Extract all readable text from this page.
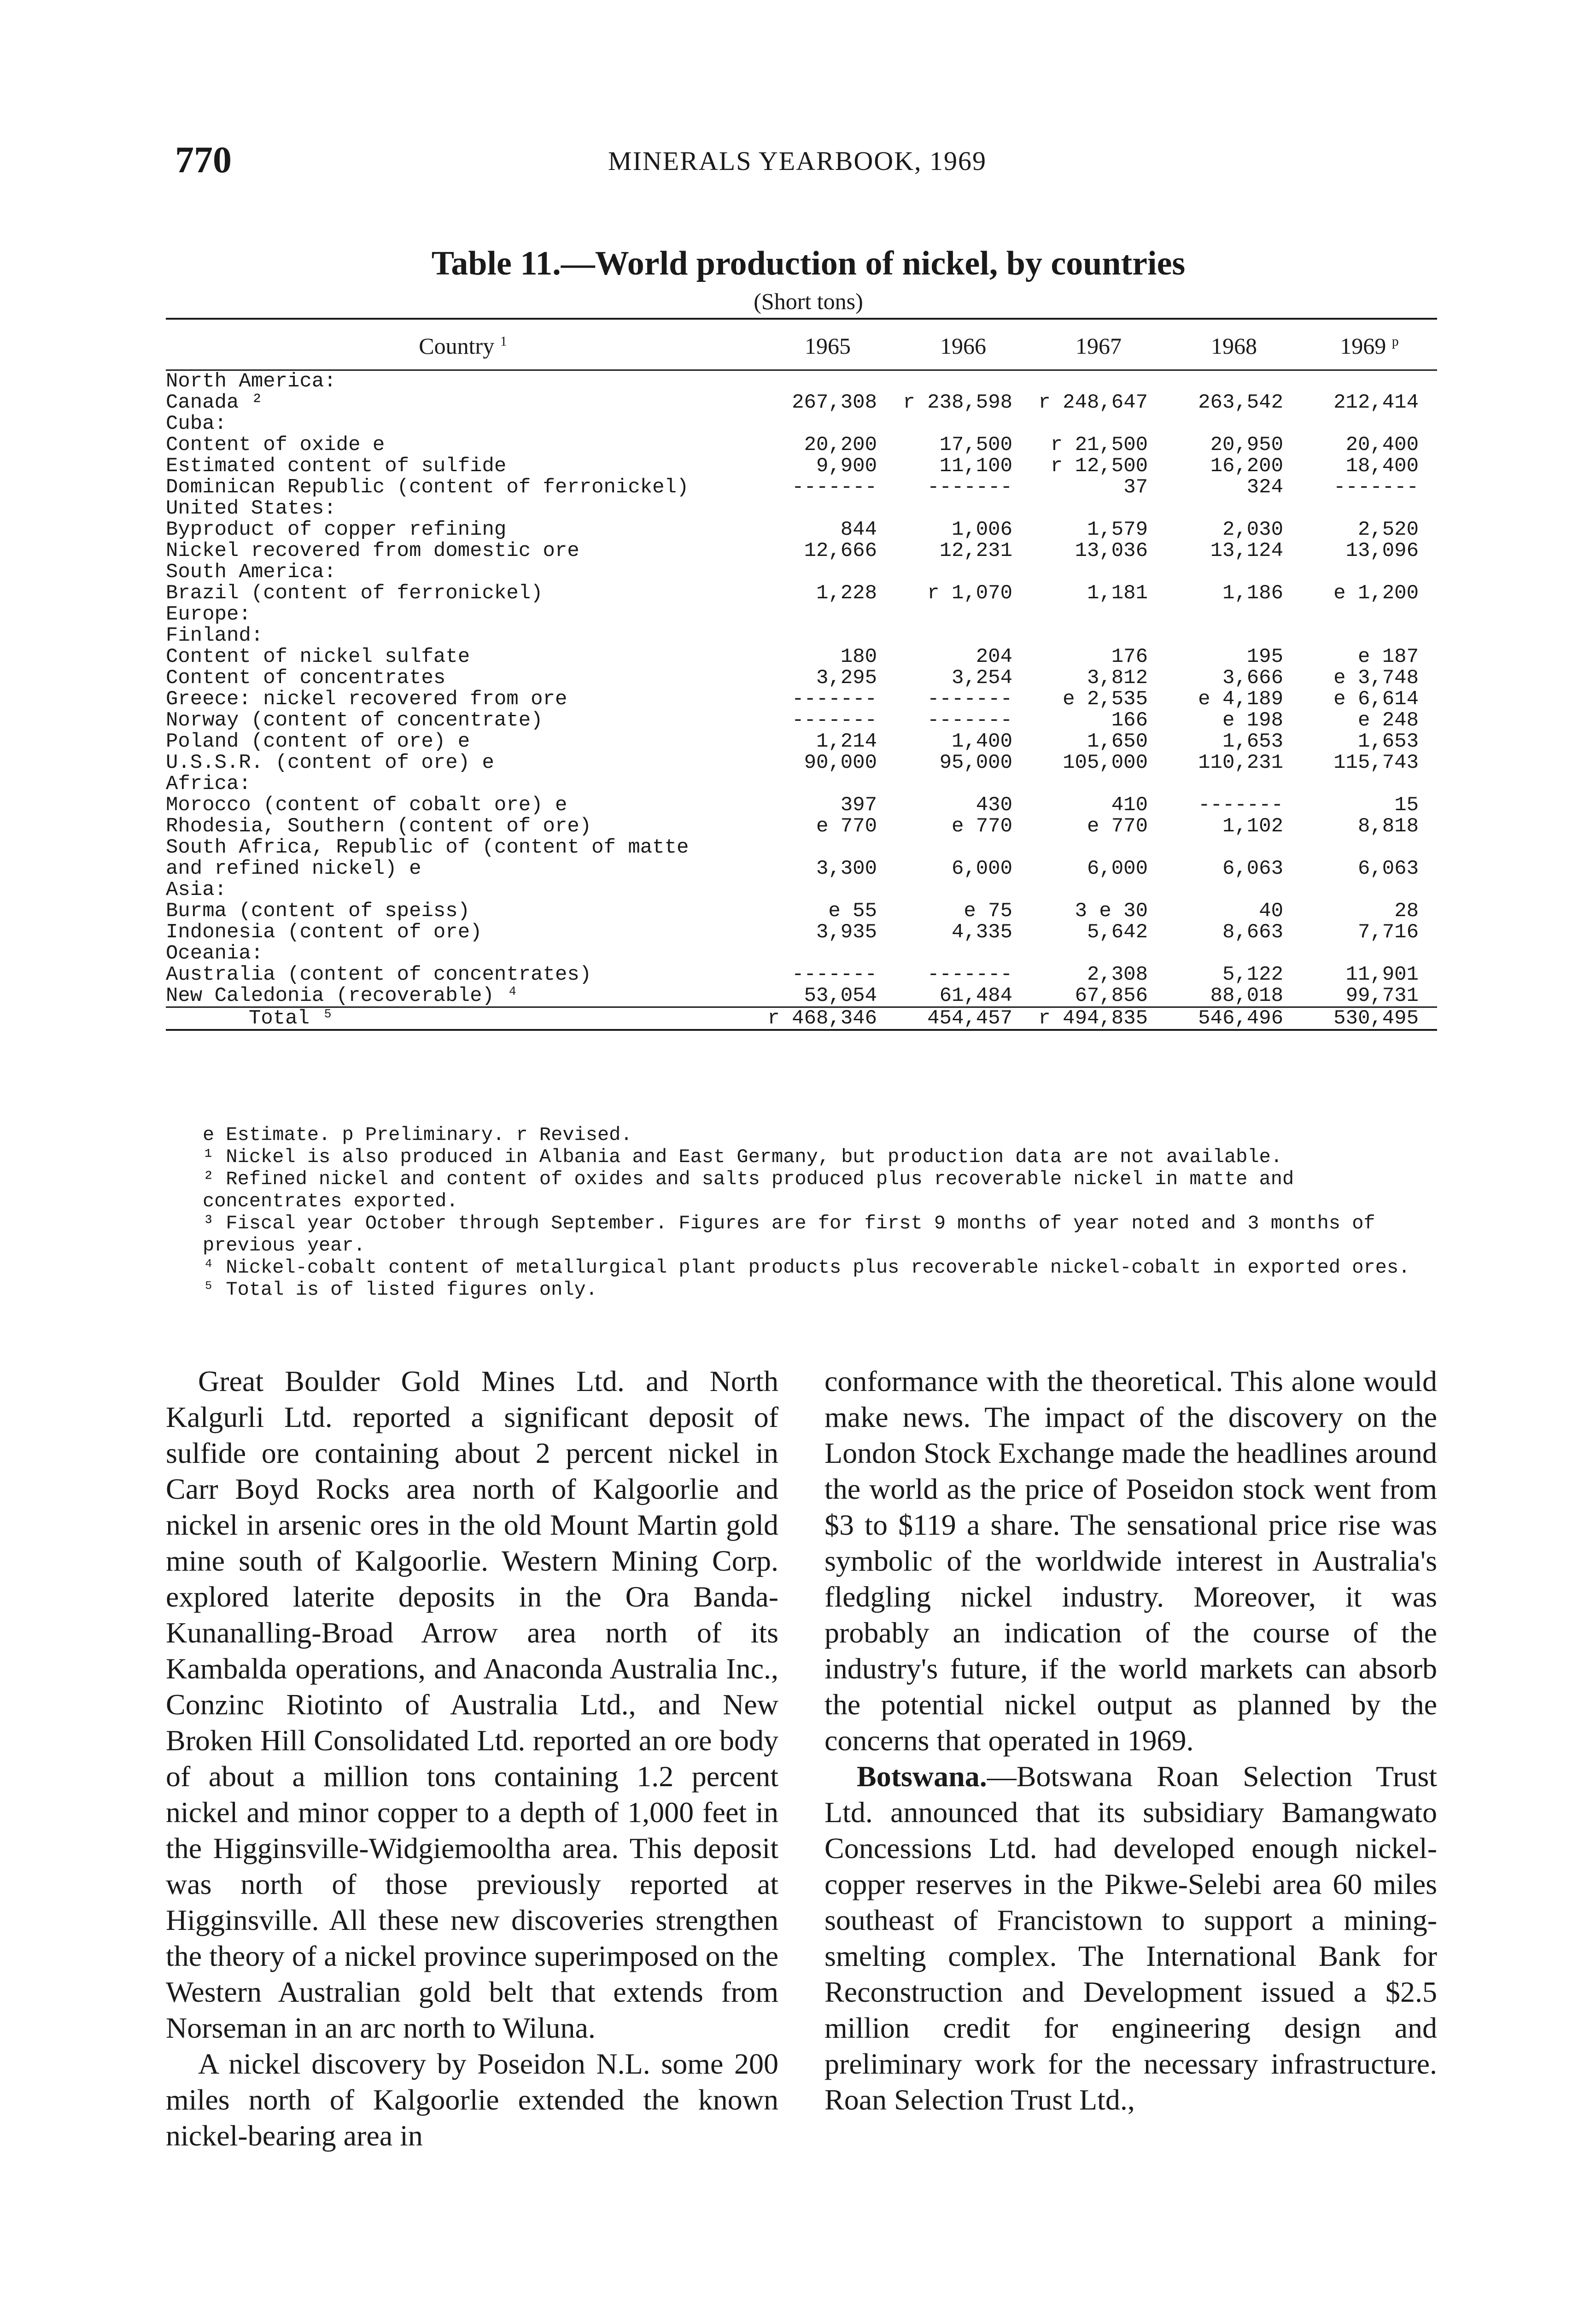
770	MINERALS YEARBOOK, 1969
Table 11.—World production of nickel, by countries
(Short tons)
Country $^1$	1965	1966	1967	1968	1969 $^p$
North America:					
Canada ²	267,308	r 238,598	r 248,647	263,542	212,414
Cuba:					
Content of oxide e	20,200	17,500	r 21,500	20,950	20,400
Estimated content of sulfide	9,900	11,100	r 12,500	16,200	18,400
Dominican Republic (content of ferronickel)	-------	-------	37	324	-------
United States:					
Byproduct of copper refining	844	1,006	1,579	2,030	2,520
Nickel recovered from domestic ore	12,666	12,231	13,036	13,124	13,096
South America:					
Brazil (content of ferronickel)	1,228	r 1,070	1,181	1,186	e 1,200
Europe:					
Finland:					
Content of nickel sulfate	180	204	176	195	e 187
Content of concentrates	3,295	3,254	3,812	3,666	e 3,748
Greece: nickel recovered from ore	-------	-------	e 2,535	e 4,189	e 6,614
Norway (content of concentrate)	-------	-------	166	e 198	e 248
Poland (content of ore) e	1,214	1,400	1,650	1,653	1,653
U.S.S.R. (content of ore) e	90,000	95,000	105,000	110,231	115,743
Africa:					
Morocco (content of cobalt ore) e	397	430	410	-------	15
Rhodesia, Southern (content of ore)	e 770	e 770	e 770	1,102	8,818
South Africa, Republic of (content of matte					
and refined nickel) e	3,300	6,000	6,000	6,063	6,063
Asia:					
Burma (content of speiss)	e 55	e 75	3 e 30	40	28
Indonesia (content of ore)	3,935	4,335	5,642	8,663	7,716
Oceania:					
Australia (content of concentrates)	-------	-------	2,308	5,122	11,901
New Caledonia (recoverable) ⁴	53,054	61,484	67,856	88,018	99,731
Total ⁵	r 468,346	454,457	r 494,835	546,496	530,495

e Estimate. p Preliminary. r Revised.

¹ Nickel is also produced in Albania and East Germany, but production data are not available.

² Refined nickel and content of oxides and salts produced plus recoverable nickel in matte and concentrates exported.

³ Fiscal year October through September. Figures are for first 9 months of year noted and 3 months of previous year.

⁴ Nickel-cobalt content of metallurgical plant products plus recoverable nickel-cobalt in exported ores.

⁵ Total is of listed figures only.

Great Boulder Gold Mines Ltd. and North Kalgurli Ltd. reported a significant deposit of sulfide ore containing about 2 percent nickel in Carr Boyd Rocks area north of Kalgoorlie and nickel in arsenic ores in the old Mount Martin gold mine south of Kalgoorlie. Western Mining Corp. explored laterite deposits in the Ora Banda-Kunanalling-Broad Arrow area north of its Kambalda operations, and Anaconda Australia Inc., Conzinc Riotinto of Australia Ltd., and New Broken Hill Consolidated Ltd. reported an ore body of about a million tons containing 1.2 percent nickel and minor copper to a depth of 1,000 feet in the Higginsville-Widgiemooltha area. This deposit was north of those previously reported at Higginsville. All these new discoveries strengthen the theory of a nickel province superimposed on the Western Australian gold belt that extends from Norseman in an arc north to Wiluna.

A nickel discovery by Poseidon N.L. some 200 miles north of Kalgoorlie extended the known nickel-bearing area in

conformance with the theoretical. This alone would make news. The impact of the discovery on the London Stock Exchange made the headlines around the world as the price of Poseidon stock went from $3 to $119 a share. The sensational price rise was symbolic of the worldwide interest in Australia's fledgling nickel industry. Moreover, it was probably an indication of the course of the industry's future, if the world markets can absorb the potential nickel output as planned by the concerns that operated in 1969.

Botswana.—Botswana Roan Selection Trust Ltd. announced that its subsidiary Bamangwato Concessions Ltd. had developed enough nickel-copper reserves in the Pikwe-Selebi area 60 miles southeast of Francistown to support a mining-smelting complex. The International Bank for Reconstruction and Development issued a $2.5 million credit for engineering design and preliminary work for the necessary infrastructure. Roan Selection Trust Ltd.,
